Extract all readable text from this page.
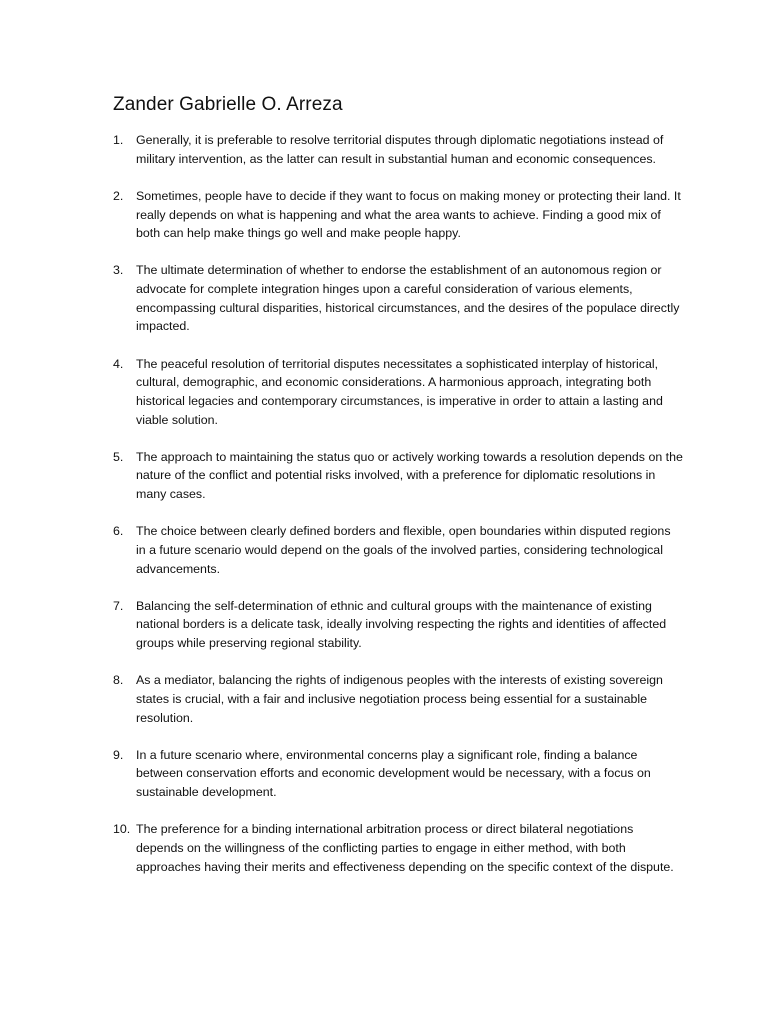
Zander Gabrielle O. Arreza
1. Generally, it is preferable to resolve territorial disputes through diplomatic negotiations instead of military intervention, as the latter can result in substantial human and economic consequences.
2. Sometimes, people have to decide if they want to focus on making money or protecting their land. It really depends on what is happening and what the area wants to achieve. Finding a good mix of both can help make things go well and make people happy.
3. The ultimate determination of whether to endorse the establishment of an autonomous region or advocate for complete integration hinges upon a careful consideration of various elements, encompassing cultural disparities, historical circumstances, and the desires of the populace directly impacted.
4. The peaceful resolution of territorial disputes necessitates a sophisticated interplay of historical, cultural, demographic, and economic considerations. A harmonious approach, integrating both historical legacies and contemporary circumstances, is imperative in order to attain a lasting and viable solution.
5. The approach to maintaining the status quo or actively working towards a resolution depends on the nature of the conflict and potential risks involved, with a preference for diplomatic resolutions in many cases.
6. The choice between clearly defined borders and flexible, open boundaries within disputed regions in a future scenario would depend on the goals of the involved parties, considering technological advancements.
7. Balancing the self-determination of ethnic and cultural groups with the maintenance of existing national borders is a delicate task, ideally involving respecting the rights and identities of affected groups while preserving regional stability.
8. As a mediator, balancing the rights of indigenous peoples with the interests of existing sovereign states is crucial, with a fair and inclusive negotiation process being essential for a sustainable resolution.
9. In a future scenario where, environmental concerns play a significant role, finding a balance between conservation efforts and economic development would be necessary, with a focus on sustainable development.
10. The preference for a binding international arbitration process or direct bilateral negotiations depends on the willingness of the conflicting parties to engage in either method, with both approaches having their merits and effectiveness depending on the specific context of the dispute.
